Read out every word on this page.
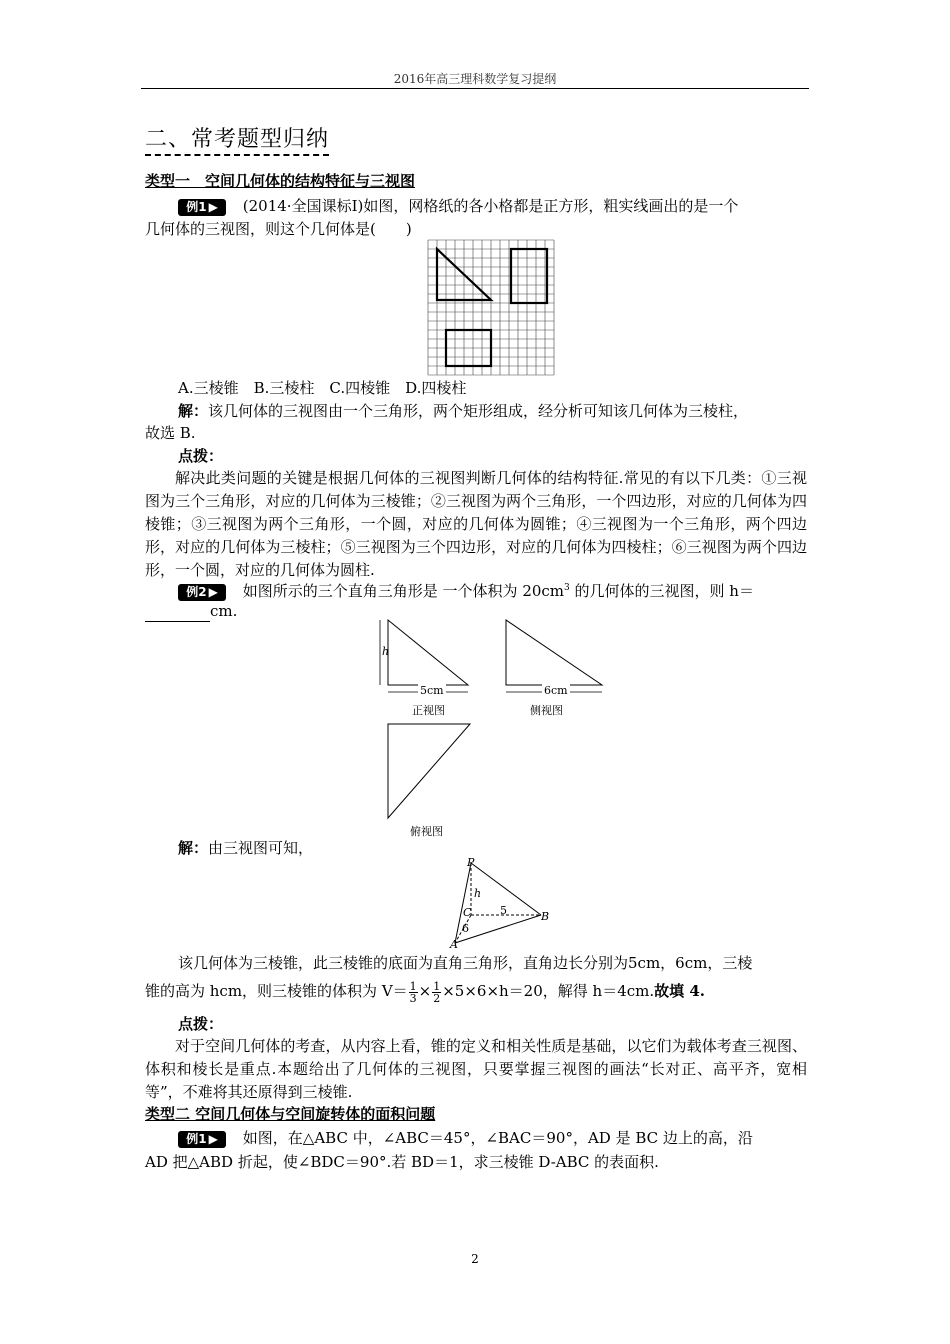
2016年高三理科数学复习提纲
二、常考题型归纳
类型一　空间几何体的结构特征与三视图
例1 ▶ (2014·全国课标Ⅰ)如图，网格纸的各小格都是正方形，粗实线画出的是一个
几何体的三视图，则这个几何体是(　　)
A.三棱锥　B.三棱柱　C.四棱锥　D.四棱柱
解：该几何体的三视图由一个三角形，两个矩形组成，经分析可知该几何体为三棱柱，
故选 B.
点拨：
解决此类问题的关键是根据几何体的三视图判断几何体的结构特征.常见的有以下几类：①三视图为三个三角形，对应的几何体为三棱锥；②三视图为两个三角形，一个四边形，对应的几何体为四棱锥；③三视图为两个三角形，一个圆，对应的几何体为圆锥；④三视图为一个三角形，两个四边形，对应的几何体为三棱柱；⑤三视图为三个四边形，对应的几何体为四棱柱；⑥三视图为两个四边形，一个圆，对应的几何体为圆柱.
例2 ▶ 如图所示的三个直角三角形是 一个体积为 $20cm^3$ 的几何体的三视图，则 h＝
cm.
h
5cm
正视图
6cm
侧视图
俯视图
解：由三视图可知，
P
h
C	5	B
6
A
该几何体为三棱锥，此三棱锥的底面为直角三角形，直角边长分别为5cm，6cm，三棱
锥的高为 hcm，则三棱锥的体积为 $V= \frac{1}{3} \times \frac{1}{2} \times 5\times 6\times h=20$，解得 h＝4cm.故填 4.
点拨：
对于空间几何体的考查，从内容上看，锥的定义和相关性质是基础，以它们为载体考查三视图、体积和棱长是重点.本题给出了几何体的三视图，只要掌握三视图的画法“长对正、高平齐，宽相等”，不难将其还原得到三棱锥.
类型二 空间几何体与空间旋转体的面积问题
例1 ▶ 如图，在△ABC 中，∠ABC＝45°，∠BAC＝90°，AD 是 BC 边上的高，沿
AD 把△ABD 折起，使∠BDC＝90°.若 BD＝1，求三棱锥 D-ABC 的表面积.
2
